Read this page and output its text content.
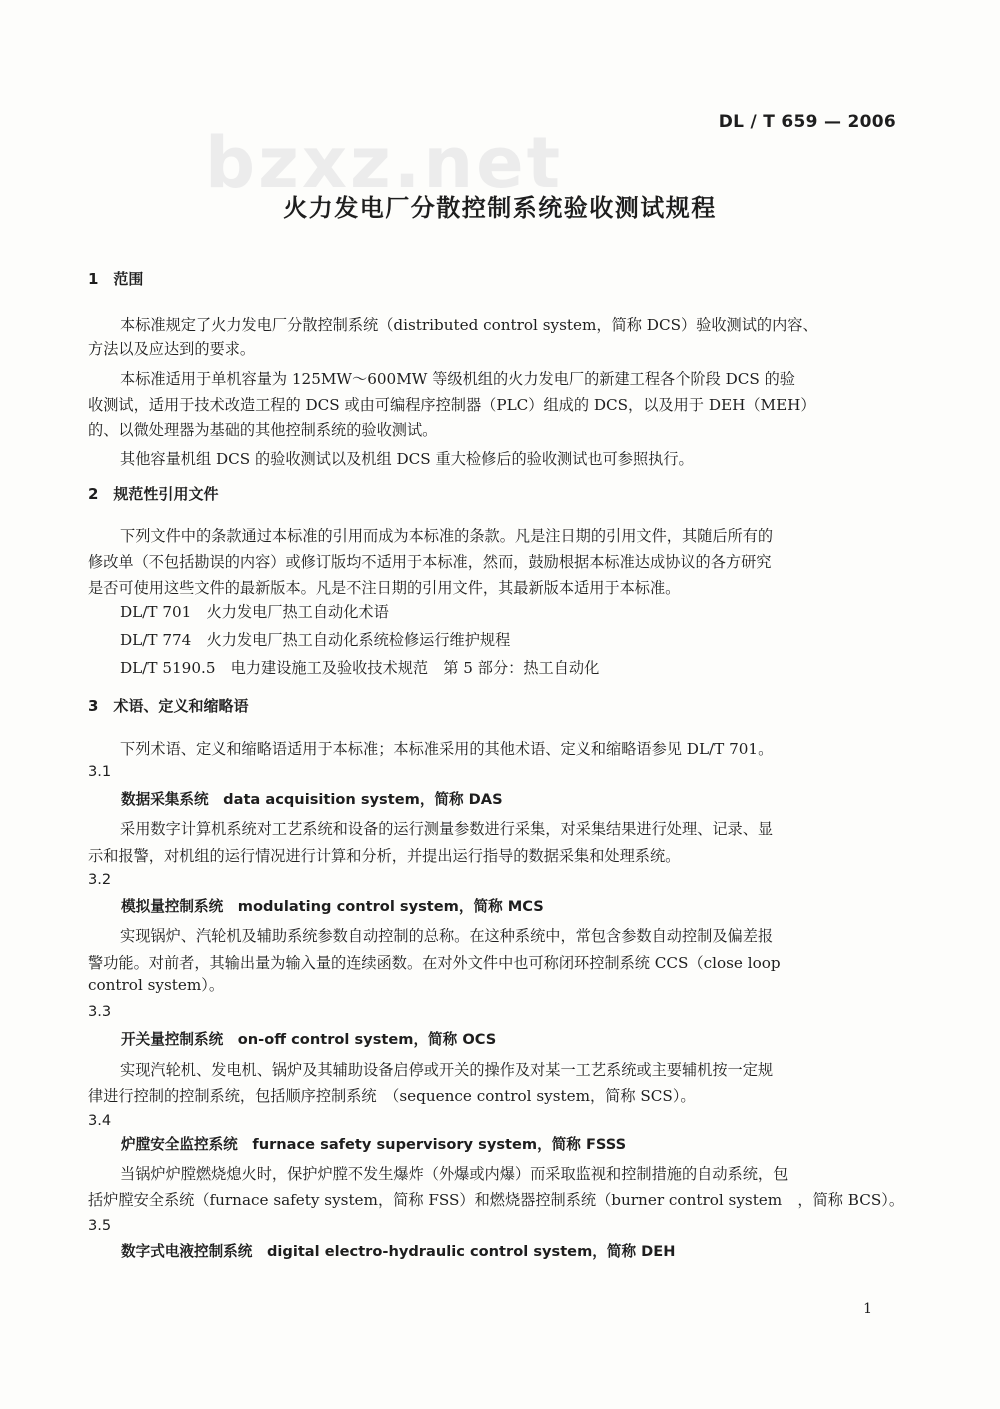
bzxz.net	DL / T 659 — 2006
火力发电厂分散控制系统验收测试规程
1　范围
本标准规定了火力发电厂分散控制系统（distributed control system，简称 DCS）验收测试的内容、
方法以及应达到的要求。
本标准适用于单机容量为 125MW～600MW 等级机组的火力发电厂的新建工程各个阶段 DCS 的验
收测试，适用于技术改造工程的 DCS 或由可编程序控制器（PLC）组成的 DCS，以及用于 DEH（MEH）
的、以微处理器为基础的其他控制系统的验收测试。
其他容量机组 DCS 的验收测试以及机组 DCS 重大检修后的验收测试也可参照执行。
2　规范性引用文件
下列文件中的条款通过本标准的引用而成为本标准的条款。凡是注日期的引用文件，其随后所有的
修改单（不包括勘误的内容）或修订版均不适用于本标准，然而，鼓励根据本标准达成协议的各方研究
是否可使用这些文件的最新版本。凡是不注日期的引用文件，其最新版本适用于本标准。
DL/T 701　火力发电厂热工自动化术语
DL/T 774　火力发电厂热工自动化系统检修运行维护规程
DL/T 5190.5　电力建设施工及验收技术规范　第 5 部分：热工自动化
3　术语、定义和缩略语
下列术语、定义和缩略语适用于本标准；本标准采用的其他术语、定义和缩略语参见 DL/T 701。
3.1
数据采集系统　data acquisition system，简称 DAS
采用数字计算机系统对工艺系统和设备的运行测量参数进行采集，对采集结果进行处理、记录、显
示和报警，对机组的运行情况进行计算和分析，并提出运行指导的数据采集和处理系统。
3.2
模拟量控制系统　modulating control system，简称 MCS
实现锅炉、汽轮机及辅助系统参数自动控制的总称。在这种系统中，常包含参数自动控制及偏差报
警功能。对前者，其输出量为输入量的连续函数。在对外文件中也可称闭环控制系统 CCS（close loop
control system）。
3.3
开关量控制系统　on-off control system，简称 OCS
实现汽轮机、发电机、锅炉及其辅助设备启停或开关的操作及对某一工艺系统或主要辅机按一定规
律进行控制的控制系统，包括顺序控制系统　（sequence control system，简称 SCS）。
3.4
炉膛安全监控系统　furnace safety supervisory system，简称 FSSS
当锅炉炉膛燃烧熄火时，保护炉膛不发生爆炸（外爆或内爆）而采取监视和控制措施的自动系统，包
括炉膛安全系统（furnace safety system，简称 FSS）和燃烧器控制系统（burner control system　，简称 BCS）。
3.5
数字式电液控制系统　digital electro-hydraulic control system，简称 DEH
1
